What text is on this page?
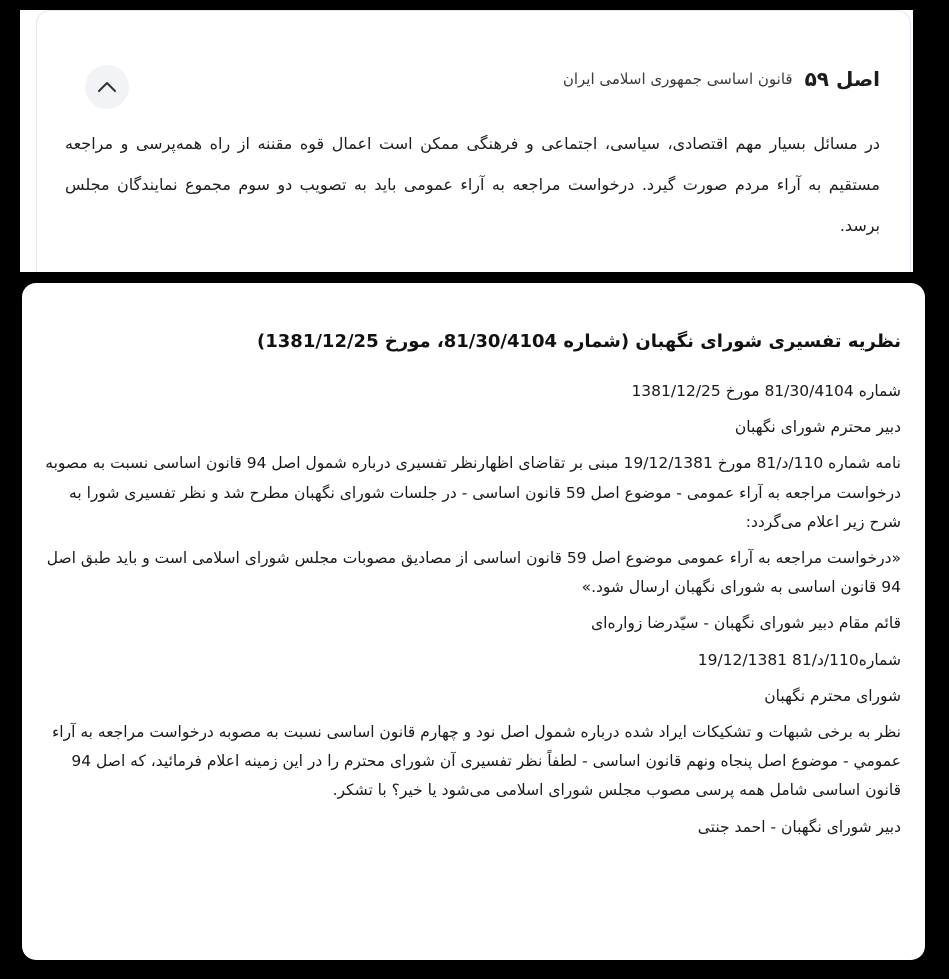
اصل ۵۹
قانون اساسی جمهوری اسلامی ایران
در مسائل بسیار مهم اقتصادی، سیاسی، اجتماعی و فرهنگی ممکن است اعمال قوه مقننه از راه همه‌پرسی و مراجعه مستقیم به آراء مردم صورت گیرد. درخواست مراجعه به آراء عمومی باید به تصویب دو سوم مجموع نمایندگان مجلس برسد.
نظریه تفسیری شورای نگهبان (شماره 81/30/4104، مورخ 1381/12/25)

شماره 81/30/4104 مورخ 1381/12/25

دبیر محترم شورای نگهبان

نامه شماره 110/د/81 مورخ 19/12/1381 مبنی بر تقاضای اظهارنظر تفسیری درباره شمول اصل 94 قانون اساسی نسبت به مصوبه درخواست مراجعه به آراء عمومی - موضوع اصل 59 قانون اساسی - در جلسات شورای نگهبان مطرح شد و نظر تفسیری شورا به شرح زیر اعلام می‌گردد:

«درخواست مراجعه به آراء عمومی موضوع اصل 59 قانون اساسی از مصادیق مصوبات مجلس شورای اسلامی است و باید طبق اصل 94 قانون اساسی به شورای نگهبان ارسال شود.»

قائم مقام دبیر شورای نگهبان - سیّدرضا زواره‌ای

شماره110/د/81 19/12/1381

شورای محترم نگهبان

نظر به برخی شبهات و تشکیکات ایراد شده درباره شمول اصل نود و چهارم قانون اساسی نسبت به مصوبه درخواست مراجعه به آراء عمومي - موضوع اصل پنجاه ونهم قانون اساسی - لطفاً نظر تفسیری آن شورای محترم را در این زمینه اعلام فرمائید، که اصل 94 قانون اساسی شامل همه پرسی مصوب مجلس شورای اسلامی می‌شود یا خیر؟ با تشکر.

دبیر شورای نگهبان - احمد جنتی
